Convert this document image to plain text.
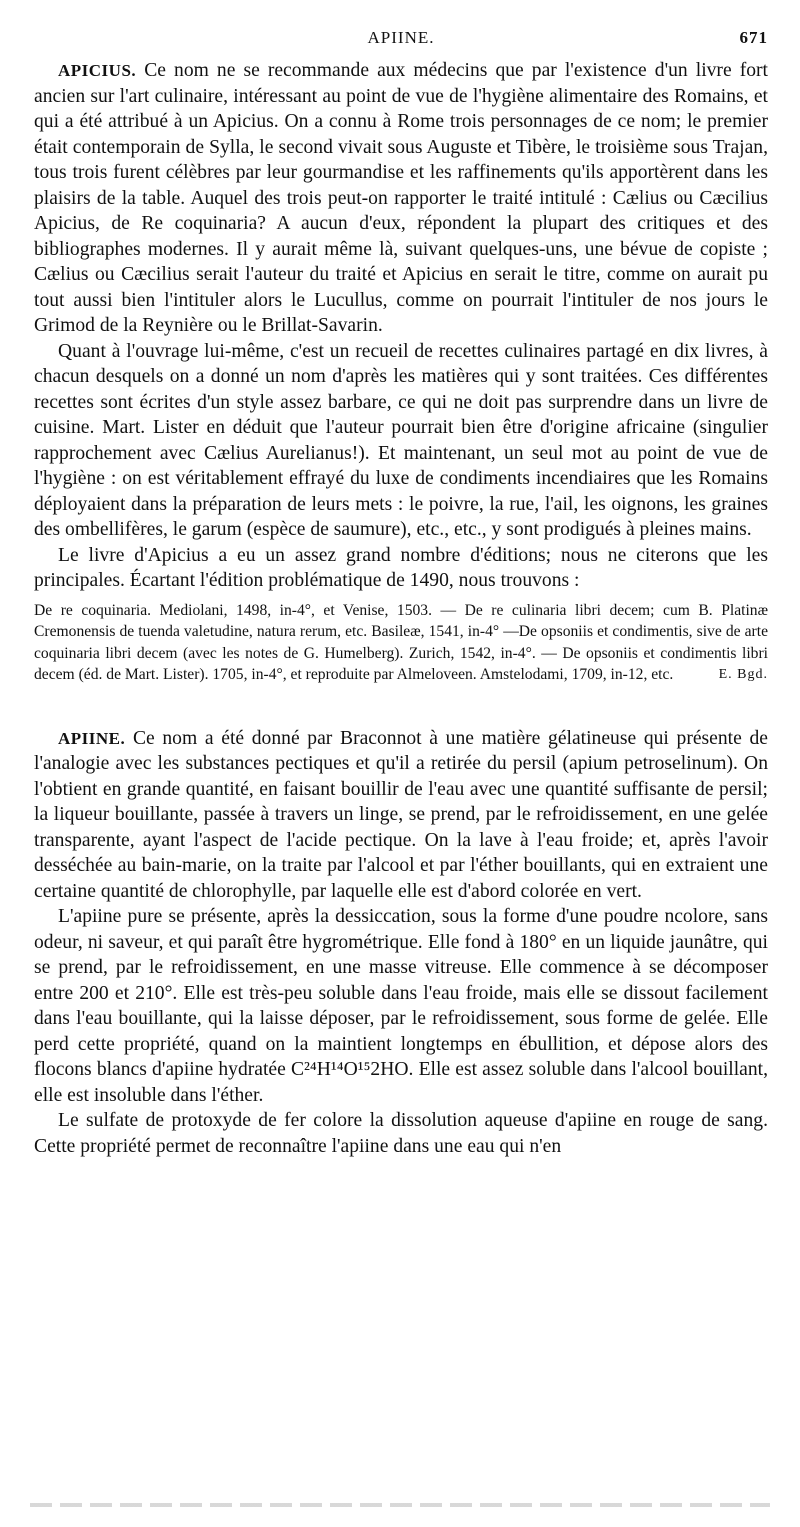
APIINE.	671

APICIUS. Ce nom ne se recommande aux médecins que par l'existence d'un livre fort ancien sur l'art culinaire, intéressant au point de vue de l'hygiène alimentaire des Romains, et qui a été attribué à un Apicius. On a connu à Rome trois personnages de ce nom; le premier était contemporain de Sylla, le second vivait sous Auguste et Tibère, le troisième sous Trajan, tous trois furent célèbres par leur gourmandise et les raffinements qu'ils apportèrent dans les plaisirs de la table. Auquel des trois peut-on rapporter le traité intitulé : Cælius ou Cæcilius Apicius, de Re coquinaria? A aucun d'eux, répondent la plupart des critiques et des bibliographes modernes. Il y aurait même là, suivant quelques-uns, une bévue de copiste ; Cælius ou Cæcilius serait l'auteur du traité et Apicius en serait le titre, comme on aurait pu tout aussi bien l'intituler alors le Lucullus, comme on pourrait l'intituler de nos jours le Grimod de la Reynière ou le Brillat-Savarin.

Quant à l'ouvrage lui-même, c'est un recueil de recettes culinaires partagé en dix livres, à chacun desquels on a donné un nom d'après les matières qui y sont traitées. Ces différentes recettes sont écrites d'un style assez barbare, ce qui ne doit pas surprendre dans un livre de cuisine. Mart. Lister en déduit que l'auteur pourrait bien être d'origine africaine (singulier rapprochement avec Cælius Aurelianus!). Et maintenant, un seul mot au point de vue de l'hygiène : on est véritablement effrayé du luxe de condiments incendiaires que les Romains déployaient dans la préparation de leurs mets : le poivre, la rue, l'ail, les oignons, les graines des ombellifères, le garum (espèce de saumure), etc., etc., y sont prodigués à pleines mains.

Le livre d'Apicius a eu un assez grand nombre d'éditions; nous ne citerons que les principales. Écartant l'édition problématique de 1490, nous trouvons :

De re coquinaria. Mediolani, 1498, in-4°, et Venise, 1503. — De re culinaria libri decem; cum B. Platinæ Cremonensis de tuenda valetudine, natura rerum, etc. Basileæ, 1541, in-4° —De opsoniis et condimentis, sive de arte coquinaria libri decem (avec les notes de G. Humelberg). Zurich, 1542, in-4°. — De opsoniis et condimentis libri decem (éd. de Mart. Lister). 1705, in-4°, et reproduite par Almeloveen. Amstelodami, 1709, in-12, etc.	E. Bgd.

APIINE. Ce nom a été donné par Braconnot à une matière gélatineuse qui présente de l'analogie avec les substances pectiques et qu'il a retirée du persil (apium petroselinum). On l'obtient en grande quantité, en faisant bouillir de l'eau avec une quantité suffisante de persil; la liqueur bouillante, passée à travers un linge, se prend, par le refroidissement, en une gelée transparente, ayant l'aspect de l'acide pectique. On la lave à l'eau froide; et, après l'avoir desséchée au bain-marie, on la traite par l'alcool et par l'éther bouillants, qui en extraient une certaine quantité de chlorophylle, par laquelle elle est d'abord colorée en vert.

L'apiine pure se présente, après la dessiccation, sous la forme d'une poudre ncolore, sans odeur, ni saveur, et qui paraît être hygrométrique. Elle fond à 180° en un liquide jaunâtre, qui se prend, par le refroidissement, en une masse vitreuse. Elle commence à se décomposer entre 200 et 210°. Elle est très-peu soluble dans l'eau froide, mais elle se dissout facilement dans l'eau bouillante, qui la laisse déposer, par le refroidissement, sous forme de gelée. Elle perd cette propriété, quand on la maintient longtemps en ébullition, et dépose alors des flocons blancs d'apiine hydratée C²⁴H¹⁴O¹⁵2HO. Elle est assez soluble dans l'alcool bouillant, elle est insoluble dans l'éther.

Le sulfate de protoxyde de fer colore la dissolution aqueuse d'apiine en rouge de sang. Cette propriété permet de reconnaître l'apiine dans une eau qui n'en
